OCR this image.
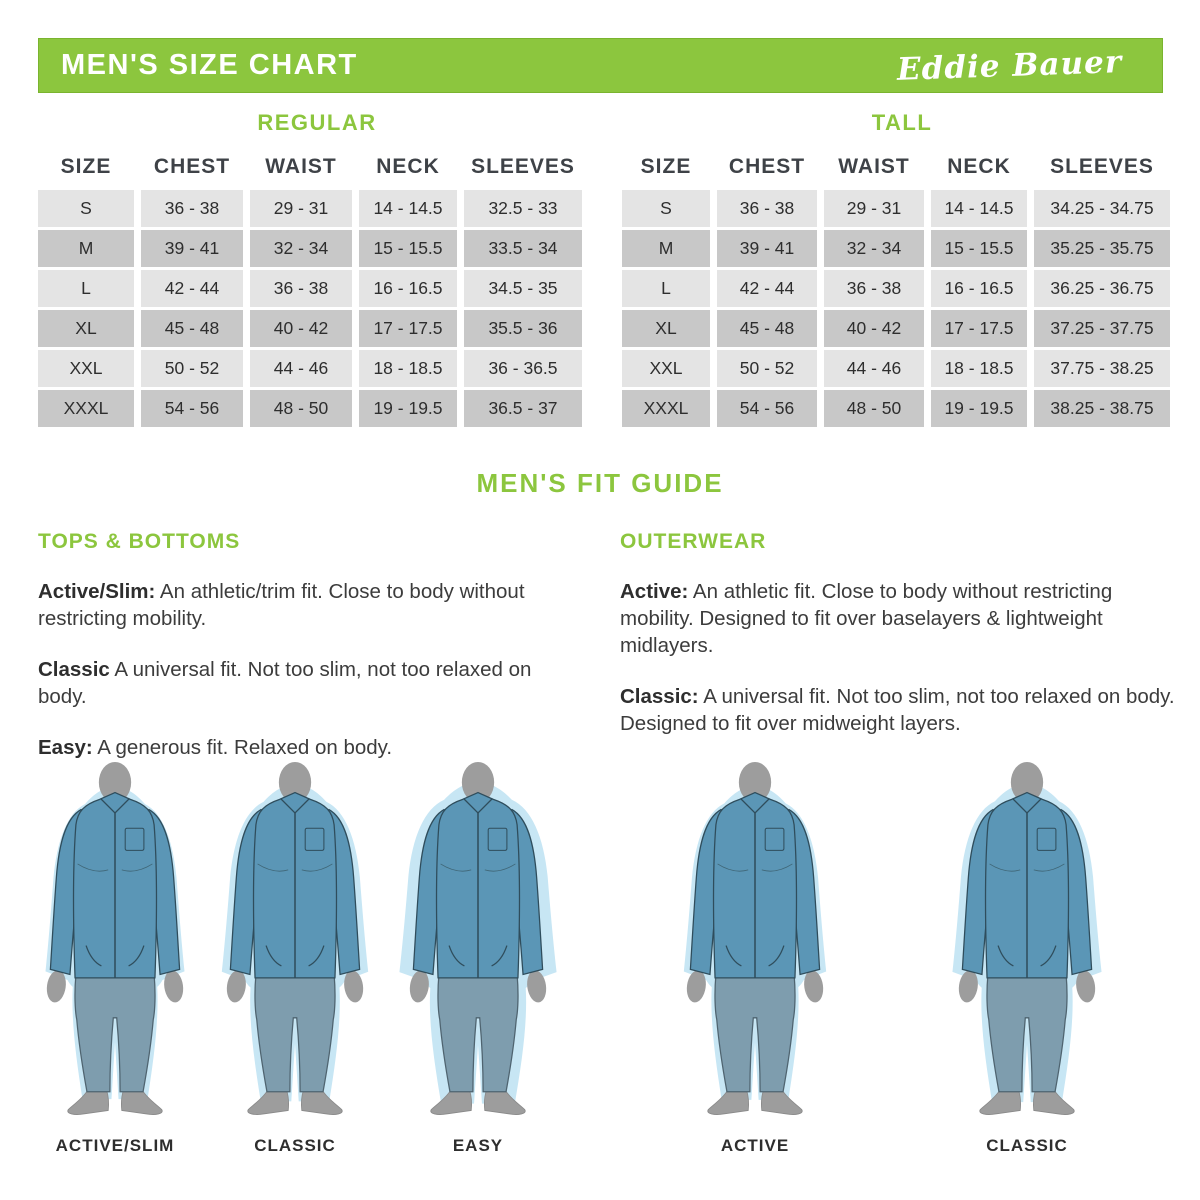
MEN'S SIZE CHART	Eddie Bauer
REGULAR
SIZE	CHEST	WAIST	NECK	SLEEVES
S	36 - 38	29 - 31	14 - 14.5	32.5 - 33
M	39 - 41	32 - 34	15 - 15.5	33.5 - 34
L	42 - 44	36 - 38	16 - 16.5	34.5 - 35
XL	45 - 48	40 - 42	17 - 17.5	35.5 - 36
XXL	50 - 52	44 - 46	18 - 18.5	36 - 36.5
XXXL	54 - 56	48 - 50	19 - 19.5	36.5 - 37
TALL
SIZE	CHEST	WAIST	NECK	SLEEVES
S	36 - 38	29 - 31	14 - 14.5	34.25 - 34.75
M	39 - 41	32 - 34	15 - 15.5	35.25 - 35.75
L	42 - 44	36 - 38	16 - 16.5	36.25 - 36.75
XL	45 - 48	40 - 42	17 - 17.5	37.25 - 37.75
XXL	50 - 52	44 - 46	18 - 18.5	37.75 - 38.25
XXXL	54 - 56	48 - 50	19 - 19.5	38.25 - 38.75
MEN'S FIT GUIDE
TOPS & BOTTOMS

Active/Slim: An athletic/trim fit. Close to body without restricting mobility.

Classic A universal fit. Not too slim, not too relaxed on body.

Easy: A generous fit. Relaxed on body.

OUTERWEAR

Active: An athletic fit. Close to body without restricting mobility. Designed to fit over baselayers & lightweight midlayers.

Classic: A universal fit. Not too slim, not too relaxed on body. Designed to fit over midweight layers.

ACTIVE/SLIM	CLASSIC	EASY	ACTIVE	CLASSIC
